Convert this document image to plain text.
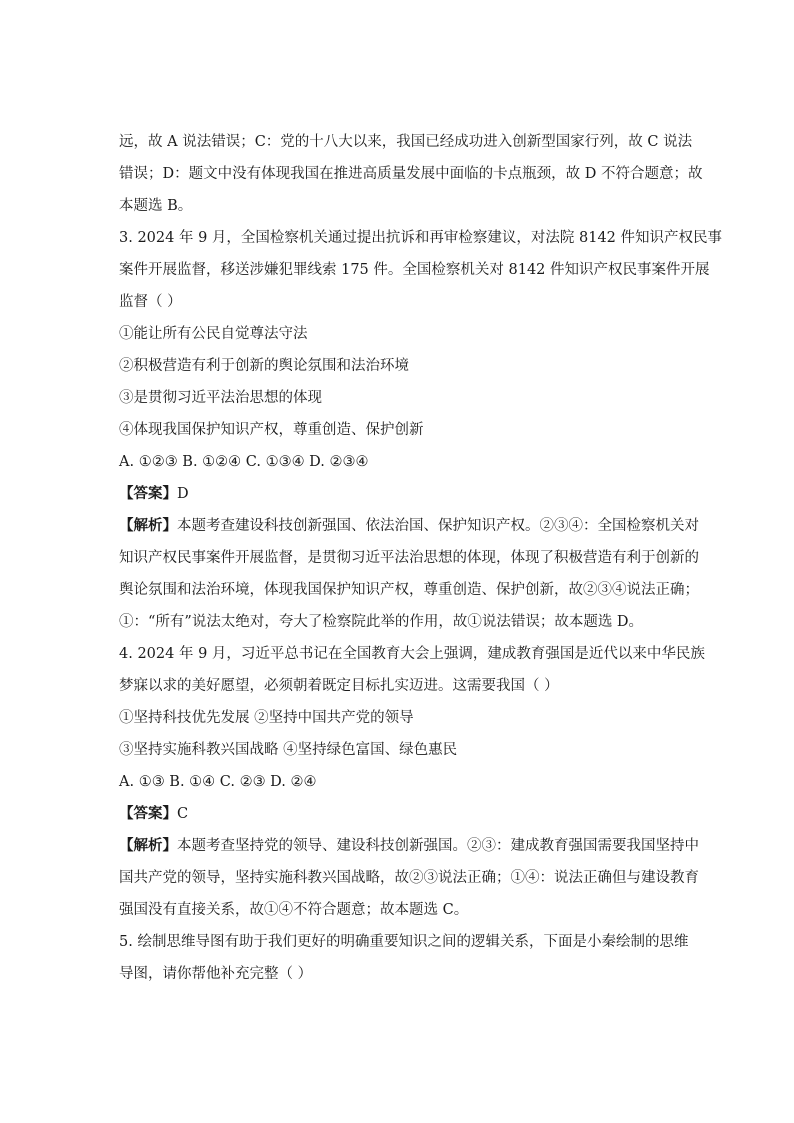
远，故 A 说法错误；C：党的十八大以来，我国已经成功进入创新型国家行列，故 C 说法
错误；D：题文中没有体现我国在推进高质量发展中面临的卡点瓶颈，故 D 不符合题意；故
本题选 B。
3. 2024 年 9 月，全国检察机关通过提出抗诉和再审检察建议，对法院 8142 件知识产权民事
案件开展监督，移送涉嫌犯罪线索 175 件。全国检察机关对 8142 件知识产权民事案件开展
监督（ ）
①能让所有公民自觉尊法守法
②积极营造有利于创新的舆论氛围和法治环境
③是贯彻习近平法治思想的体现
④体现我国保护知识产权，尊重创造、保护创新
A. ①②③ B. ①②④ C. ①③④ D. ②③④
【答案】D
【解析】本题考查建设科技创新强国、依法治国、保护知识产权。②③④：全国检察机关对
知识产权民事案件开展监督，是贯彻习近平法治思想的体现，体现了积极营造有利于创新的
舆论氛围和法治环境，体现我国保护知识产权，尊重创造、保护创新，故②③④说法正确；
①：“所有”说法太绝对，夸大了检察院此举的作用，故①说法错误；故本题选 D。
4. 2024 年 9 月，习近平总书记在全国教育大会上强调，建成教育强国是近代以来中华民族
梦寐以求的美好愿望，必须朝着既定目标扎实迈进。这需要我国（ ）
①坚持科技优先发展 ②坚持中国共产党的领导
③坚持实施科教兴国战略 ④坚持绿色富国、绿色惠民
A. ①③ B. ①④ C. ②③ D. ②④
【答案】C
【解析】本题考查坚持党的领导、建设科技创新强国。②③：建成教育强国需要我国坚持中
国共产党的领导，坚持实施科教兴国战略，故②③说法正确；①④：说法正确但与建设教育
强国没有直接关系，故①④不符合题意；故本题选 C。
5. 绘制思维导图有助于我们更好的明确重要知识之间的逻辑关系，下面是小秦绘制的思维
导图，请你帮他补充完整（ ）
